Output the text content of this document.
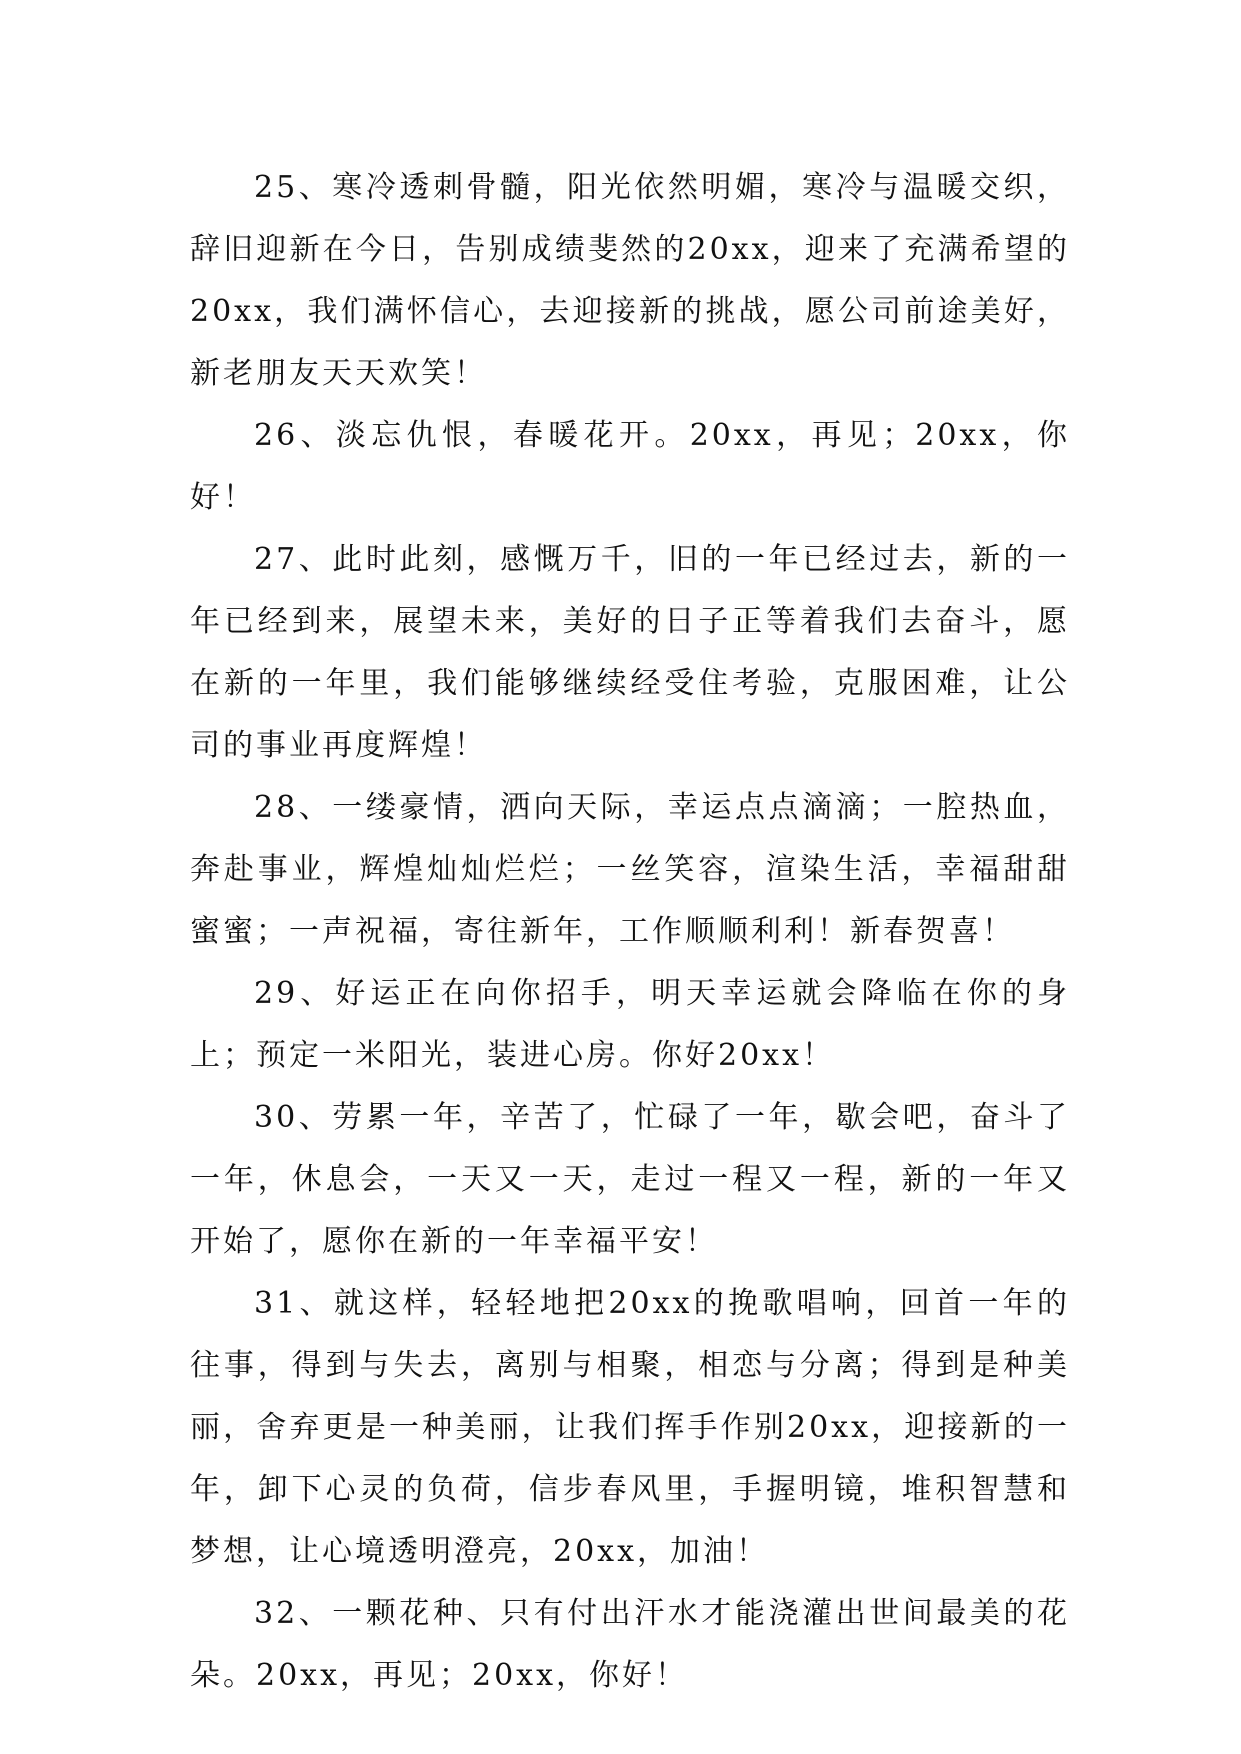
25、寒冷透刺骨髓，阳光依然明媚，寒冷与温暖交织，辞旧迎新在今日，告别成绩斐然的20xx，迎来了充满希望的20xx，我们满怀信心，去迎接新的挑战，愿公司前途美好，新老朋友天天欢笑！

26、淡忘仇恨，春暖花开。20xx，再见；20xx，你好！

27、此时此刻，感慨万千，旧的一年已经过去，新的一年已经到来，展望未来，美好的日子正等着我们去奋斗，愿在新的一年里，我们能够继续经受住考验，克服困难，让公司的事业再度辉煌！

28、一缕豪情，洒向天际，幸运点点滴滴；一腔热血，奔赴事业，辉煌灿灿烂烂；一丝笑容，渲染生活，幸福甜甜蜜蜜；一声祝福，寄往新年，工作顺顺利利！新春贺喜！

29、好运正在向你招手，明天幸运就会降临在你的身上；预定一米阳光，装进心房。你好20xx！

30、劳累一年，辛苦了，忙碌了一年，歇会吧，奋斗了一年，休息会，一天又一天，走过一程又一程，新的一年又开始了，愿你在新的一年幸福平安！

31、就这样，轻轻地把20xx的挽歌唱响，回首一年的往事，得到与失去，离别与相聚，相恋与分离；得到是种美丽，舍弃更是一种美丽，让我们挥手作别20xx，迎接新的一年，卸下心灵的负荷，信步春风里，手握明镜，堆积智慧和梦想，让心境透明澄亮，20xx，加油！

32、一颗花种、只有付出汗水才能浇灌出世间最美的花朵。20xx，再见；20xx，你好！
